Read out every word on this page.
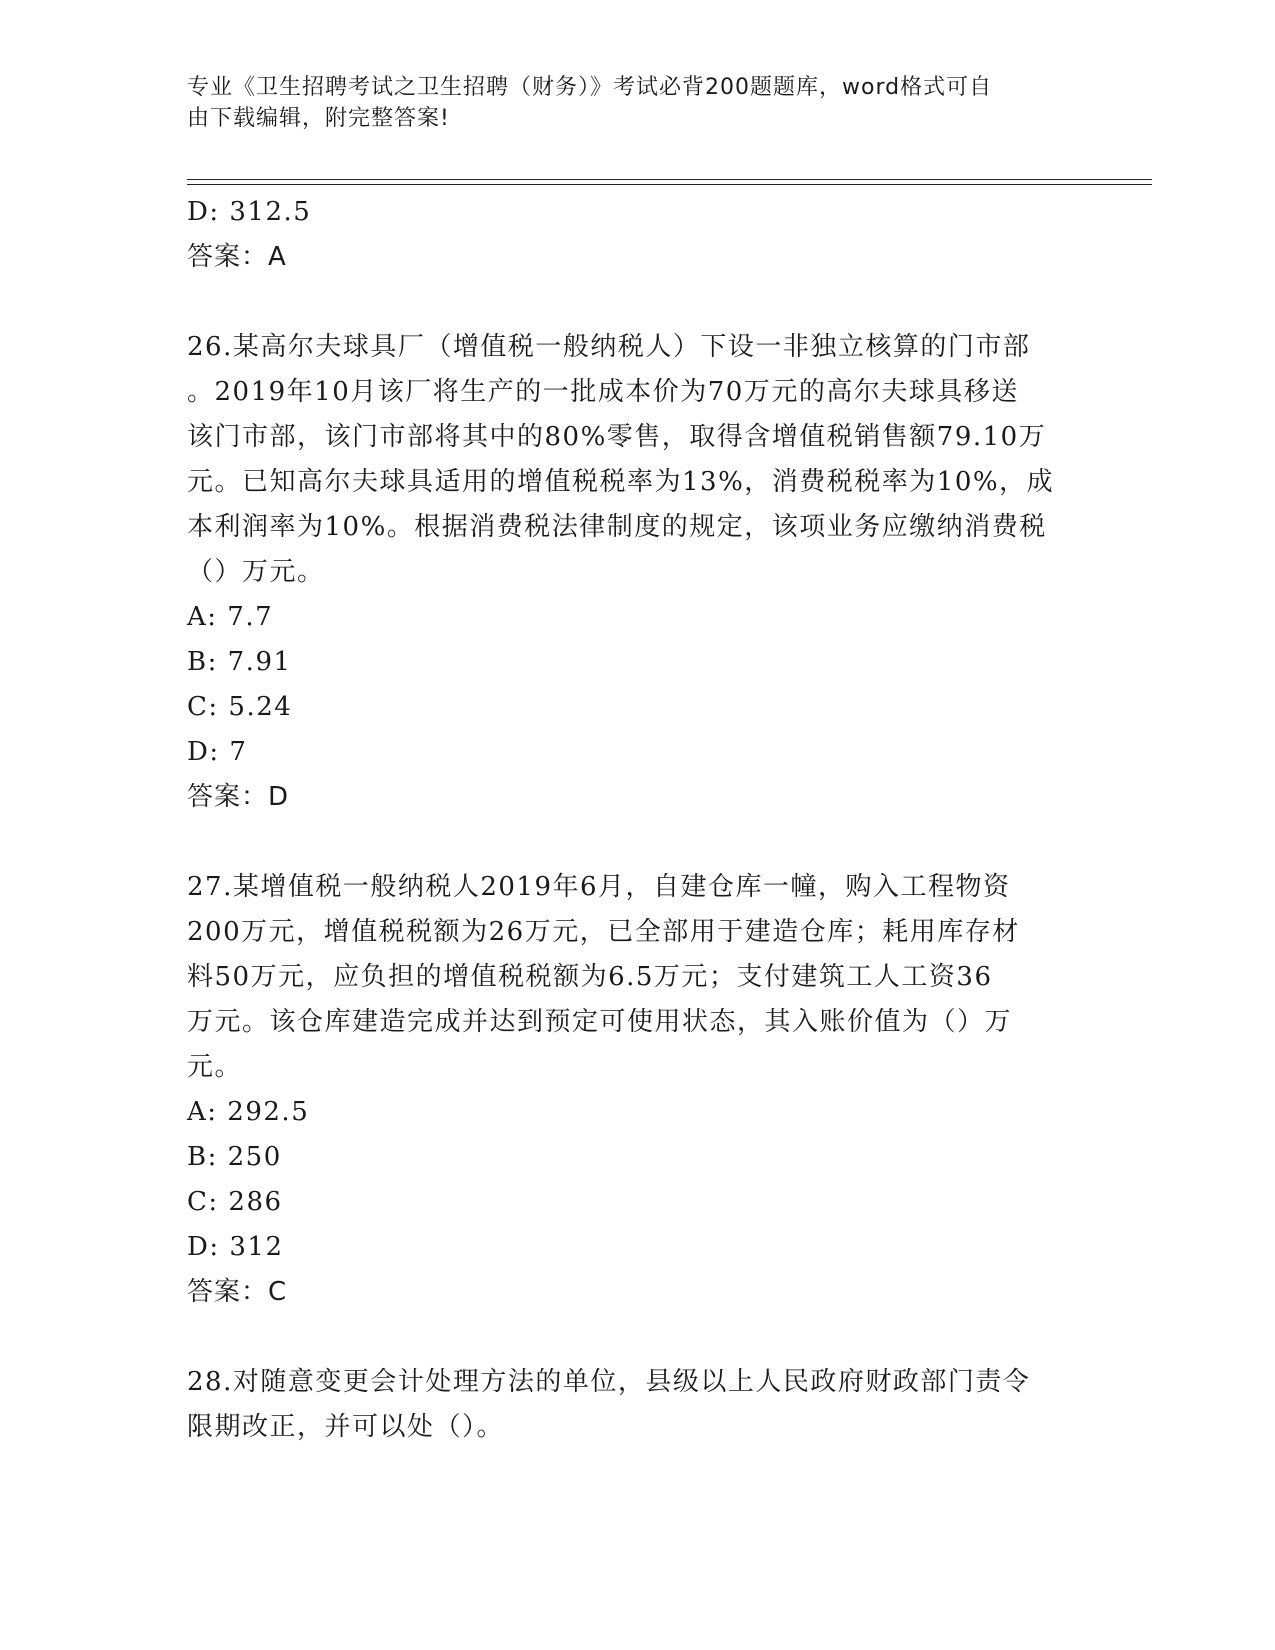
专业《卫生招聘考试之卫生招聘（财务）》考试必背200题题库，word格式可自
由下载编辑，附完整答案!
D: 312.5
答案：A
26.某高尔夫球具厂（增值税一般纳税人）下设一非独立核算的门市部
。2019年10月该厂将生产的一批成本价为70万元的高尔夫球具移送
该门市部，该门市部将其中的80%零售，取得含增值税销售额79.10万
元。已知高尔夫球具适用的增值税税率为13%，消费税税率为10%，成
本利润率为10%。根据消费税法律制度的规定，该项业务应缴纳消费税
（）万元。
A: 7.7
B: 7.91
C: 5.24
D: 7
答案：D
27.某增值税一般纳税人2019年6月，自建仓库一幢，购入工程物资
200万元，增值税税额为26万元，已全部用于建造仓库；耗用库存材
料50万元，应负担的增值税税额为6.5万元；支付建筑工人工资36
万元。该仓库建造完成并达到预定可使用状态，其入账价值为（）万
元。
A: 292.5
B: 250
C: 286
D: 312
答案：C
28.对随意变更会计处理方法的单位，县级以上人民政府财政部门责令
限期改正，并可以处（）。
